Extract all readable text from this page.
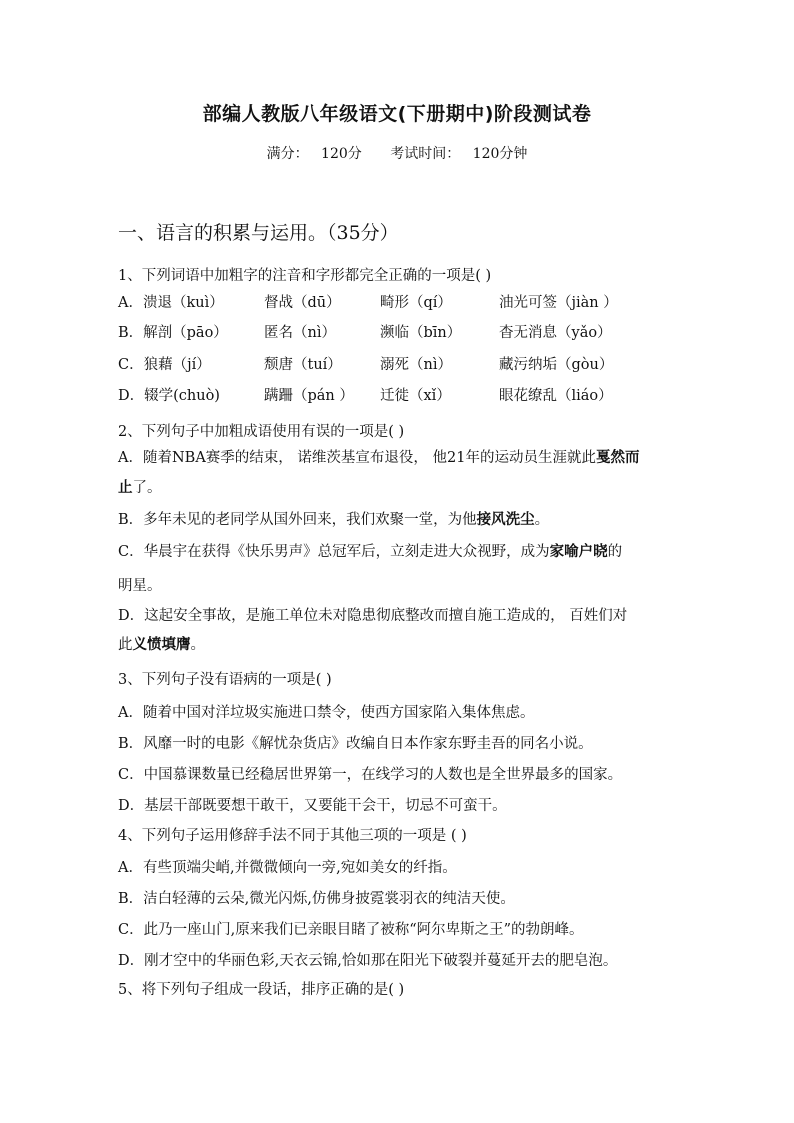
部编人教版八年级语文(下册期中)阶段测试卷
满分： 120分 考试时间： 120分钟
一、语言的积累与运用。（35分）
1、下列词语中加粗字的注音和字形都完全正确的一项是( )
A．溃退（kuì）	督战（dū）	畸形（qí）	油光可签（jiàn ）
B．解剖（pāo） 匿名（nì）	濒临（bīn）	杳无消息（yǎo）
C．狼藉（jí）	颓唐（tuí）	溺死（nì）	藏污纳垢（gòu）
D．辍学(chuò)	蹒跚（pán ） 迁徙（xǐ）	眼花缭乱（liáo）
2、下列句子中加粗成语使用有误的一项是( )
A．随着NBA赛季的结束， 诺维茨基宣布退役， 他21年的运动员生涯就此戛然而
止了。
B．多年未见的老同学从国外回来，我们欢聚一堂，为他接风洗尘。
C．华晨宇在获得《快乐男声》总冠军后，立刻走进大众视野，成为家喻户晓的
明星。
D．这起安全事故，是施工单位未对隐患彻底整改而擅自施工造成的， 百姓们对
此义愤填膺。
3、下列句子没有语病的一项是( )
A．随着中国对洋垃圾实施进口禁令，使西方国家陷入集体焦虑。
B．风靡一时的电影《解忧杂货店》改编自日本作家东野圭吾的同名小说。
C．中国慕课数量已经稳居世界第一，在线学习的人数也是全世界最多的国家。
D．基层干部既要想干敢干，又要能干会干，切忌不可蛮干。
4、下列句子运用修辞手法不同于其他三项的一项是 ( )
A．有些顶端尖峭,并微微倾向一旁,宛如美女的纤指。
B．洁白轻薄的云朵,微光闪烁,仿佛身披霓裳羽衣的纯洁天使。
C．此乃一座山门,原来我们已亲眼目睹了被称“阿尔卑斯之王”的勃朗峰。
D．刚才空中的华丽色彩,天衣云锦,恰如那在阳光下破裂并蔓延开去的肥皂泡。
5、将下列句子组成一段话，排序正确的是( )
